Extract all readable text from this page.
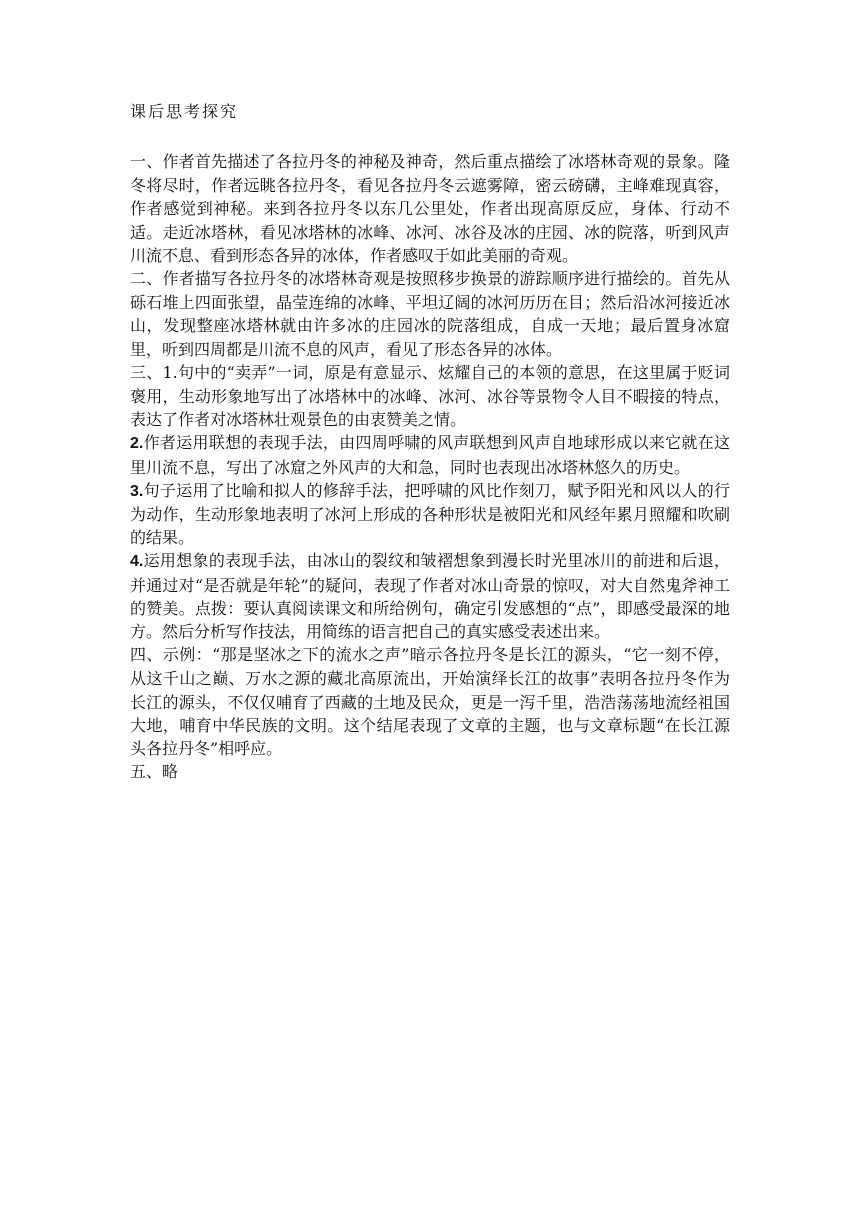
课后思考探究

一、作者首先描述了各拉丹冬的神秘及神奇，然后重点描绘了冰塔林奇观的景象。隆冬将尽时，作者远眺各拉丹冬，看见各拉丹冬云遮雾障，密云磅礴，主峰难现真容，作者感觉到神秘。来到各拉丹冬以东几公里处，作者出现高原反应，身体、行动不适。走近冰塔林，看见冰塔林的冰峰、冰河、冰谷及冰的庄园、冰的院落，听到风声川流不息、看到形态各异的冰体，作者感叹于如此美丽的奇观。

二、作者描写各拉丹冬的冰塔林奇观是按照移步换景的游踪顺序进行描绘的。首先从砾石堆上四面张望，晶莹连绵的冰峰、平坦辽阔的冰河历历在目；然后沿冰河接近冰山，发现整座冰塔林就由许多冰的庄园冰的院落组成，自成一天地；最后置身冰窟里，听到四周都是川流不息的风声，看见了形态各异的冰体。

三、1.句中的“卖弄”一词，原是有意显示、炫耀自己的本领的意思，在这里属于贬词褒用，生动形象地写出了冰塔林中的冰峰、冰河、冰谷等景物令人目不暇接的特点，表达了作者对冰塔林壮观景色的由衷赞美之情。

2.作者运用联想的表现手法，由四周呼啸的风声联想到风声自地球形成以来它就在这里川流不息，写出了冰窟之外风声的大和急，同时也表现出冰塔林悠久的历史。

3.句子运用了比喻和拟人的修辞手法，把呼啸的风比作刻刀，赋予阳光和风以人的行为动作，生动形象地表明了冰河上形成的各种形状是被阳光和风经年累月照耀和吹刷的结果。

4.运用想象的表现手法，由冰山的裂纹和皱褶想象到漫长时光里冰川的前进和后退，并通过对“是否就是年轮”的疑问，表现了作者对冰山奇景的惊叹，对大自然鬼斧神工的赞美。点拨：要认真阅读课文和所给例句，确定引发感想的“点”，即感受最深的地方。然后分析写作技法，用简练的语言把自己的真实感受表述出来。

四、示例：“那是坚冰之下的流水之声”暗示各拉丹冬是长江的源头，“它一刻不停，从这千山之巅、万水之源的藏北高原流出，开始演绎长江的故事”表明各拉丹冬作为长江的源头，不仅仅哺育了西藏的土地及民众，更是一泻千里，浩浩荡荡地流经祖国大地，哺育中华民族的文明。这个结尾表现了文章的主题，也与文章标题“在长江源头各拉丹冬”相呼应。

五、略
